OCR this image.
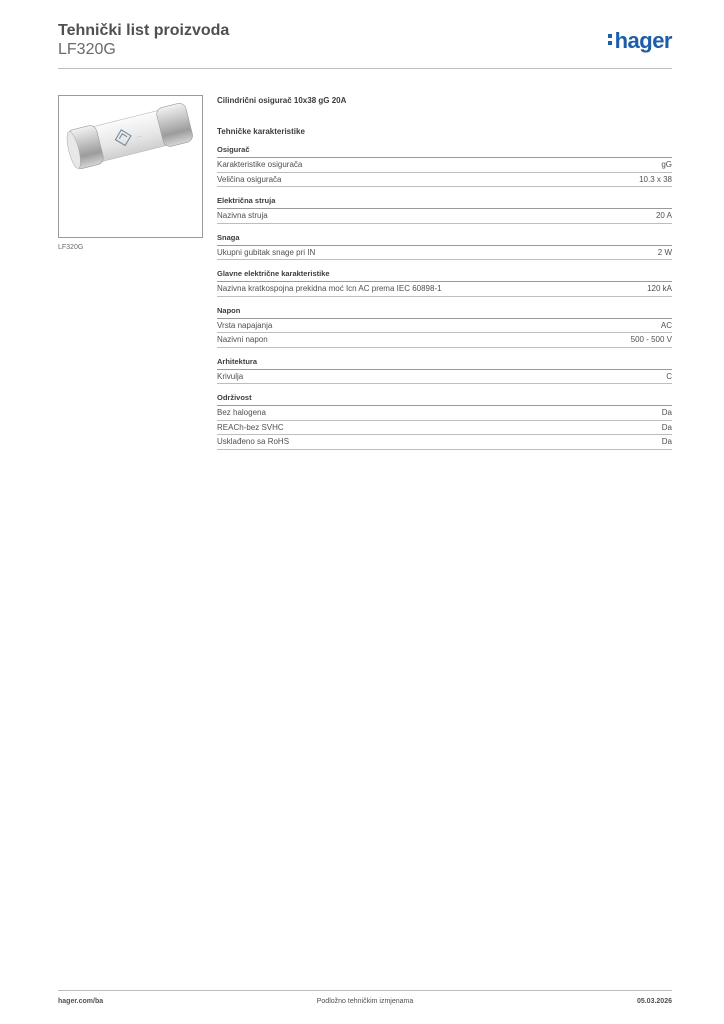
Tehnički list proizvoda
LF320G	hager
⸺
LF320G
Cilindrični osigurač 10x38 gG 20A
Tehničke karakteristike
Osigurač
Karakteristike osigurača	gG
Veličina osigurača	10.3 x 38
Električna struja
Nazivna struja	20 A
Snaga
Ukupni gubitak snage pri IN	2 W
Glavne električne karakteristike
Nazivna kratkospojna prekidna moć Icn AC prema IEC 60898-1	120 kA
Napon
Vrsta napajanja	AC
Nazivni napon	500 - 500 V
Arhitektura
Krivulja	C
Održivost
Bez halogena	Da
REACh-bez SVHC	Da
Usklađeno sa RoHS	Da
hager.com/ba	Podložno tehničkim izmjenama	05.03.2026
